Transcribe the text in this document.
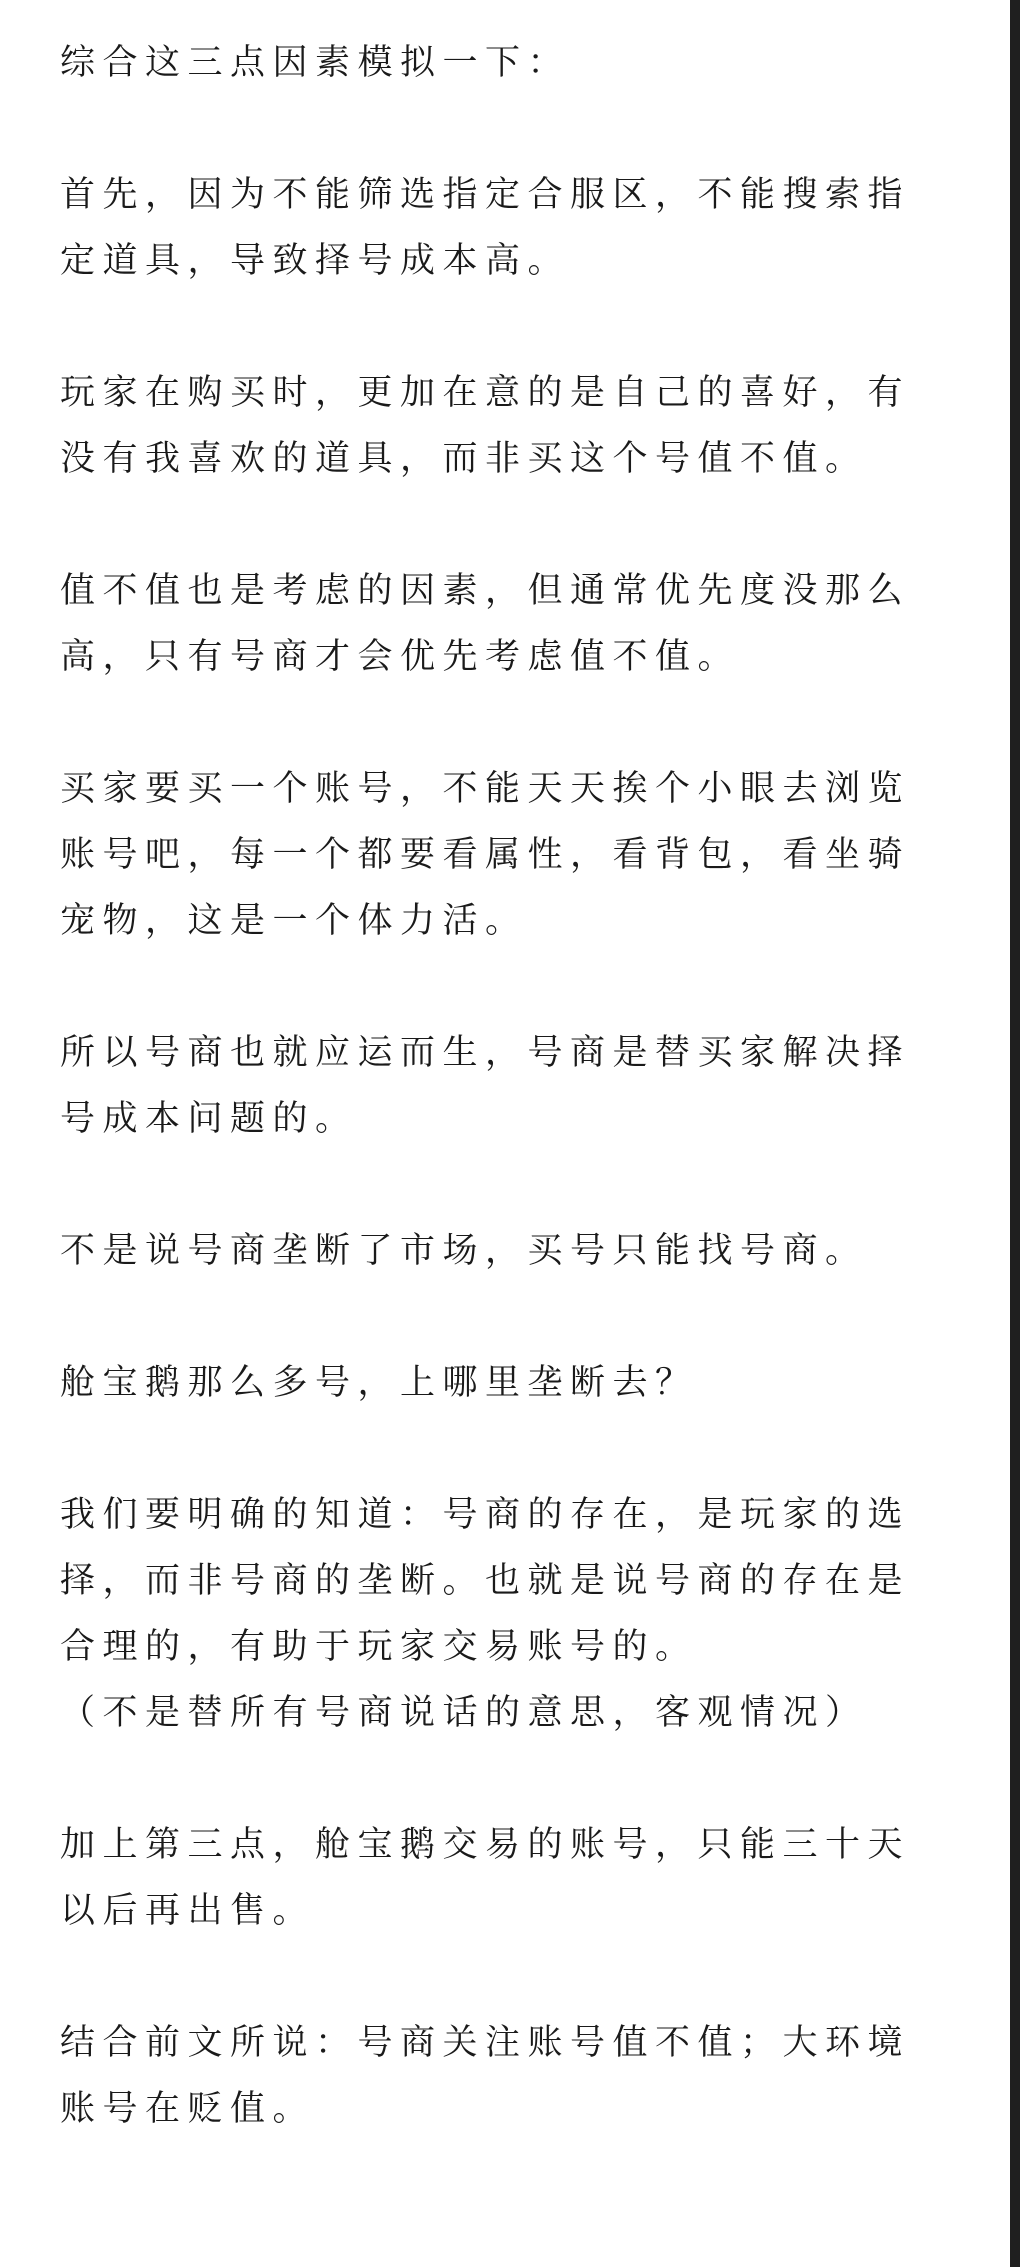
综合这三点因素模拟一下：

首先，因为不能筛选指定合服区，不能搜索指
定道具，导致择号成本高。

玩家在购买时，更加在意的是自己的喜好，有
没有我喜欢的道具，而非买这个号值不值。

值不值也是考虑的因素，但通常优先度没那么
高，只有号商才会优先考虑值不值。

买家要买一个账号，不能天天挨个小眼去浏览
账号吧，每一个都要看属性，看背包，看坐骑
宠物，这是一个体力活。

所以号商也就应运而生，号商是替买家解决择
号成本问题的。

不是说号商垄断了市场，买号只能找号商。

舱宝鹅那么多号，上哪里垄断去？

我们要明确的知道：号商的存在，是玩家的选
择，而非号商的垄断。也就是说号商的存在是
合理的，有助于玩家交易账号的。
（不是替所有号商说话的意思，客观情况）

加上第三点，舱宝鹅交易的账号，只能三十天
以后再出售。

结合前文所说：号商关注账号值不值；大环境
账号在贬值。
